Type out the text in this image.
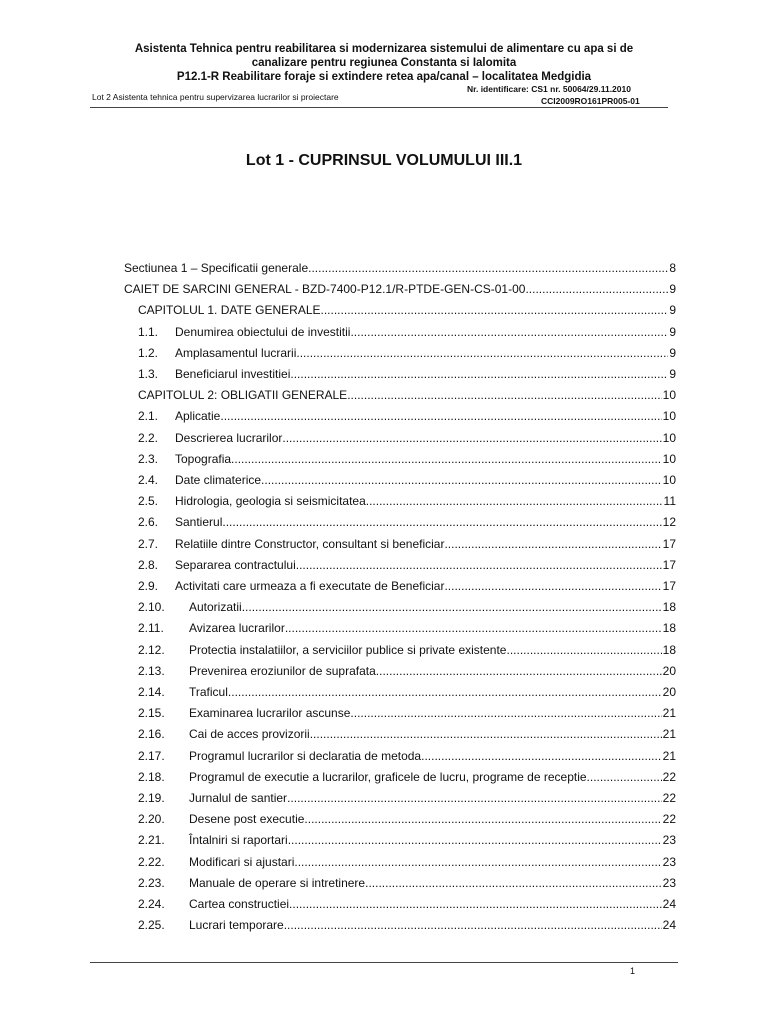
Asistenta Tehnica pentru reabilitarea si modernizarea sistemului de alimentare cu apa si de
canalizare pentru regiunea Constanta si Ialomita
P12.1-R Reabilitare foraje si extindere retea apa/canal – localitatea Medgidia
Nr. identificare: CS1 nr. 50064/29.11.2010
Lot 2 Asistenta tehnica pentru supervizarea lucrarilor si proiectare	CCI2009RO161PR005-01
Lot 1 - CUPRINSUL VOLUMULUI III.1
Sectiunea 1 – Specificatii generale .....	8
CAIET DE SARCINI GENERAL - BZD-7400-P12.1/R-PTDE-GEN-CS-01-00 .....	9
CAPITOLUL 1. DATE GENERALE .....	9
1.1. Denumirea obiectului de investitii .....	9
1.2. Amplasamentul lucrarii .....	9
1.3. Beneficiarul investitiei .....	9
CAPITOLUL 2: OBLIGATII GENERALE .....	10
2.1. Aplicatie .....	10
2.2. Descrierea lucrarilor .....	10
2.3. Topografia .....	10
2.4. Date climaterice .....	10
2.5. Hidrologia, geologia si seismicitatea .....	11
2.6. Santierul .....	12
2.7. Relatiile dintre Constructor, consultant si beneficiar .....	17
2.8. Separarea contractului .....	17
2.9. Activitati care urmeaza a fi executate de Beneficiar .....	17
2.10. Autorizatii .....	18
2.11. Avizarea lucrarilor .....	18
2.12. Protectia instalatiilor, a serviciilor publice si private existente .....	18
2.13. Prevenirea eroziunilor de suprafata .....	20
2.14. Traficul .....	20
2.15. Examinarea lucrarilor ascunse .....	21
2.16. Cai de acces provizorii .....	21
2.17. Programul lucrarilor si declaratia de metoda .....	21
2.18. Programul de executie a lucrarilor, graficele de lucru, programe de receptie .....	22
2.19. Jurnalul de santier .....	22
2.20. Desene post executie .....	22
2.21. Întalniri si raportari .....	23
2.22. Modificari si ajustari .....	23
2.23. Manuale de operare si intretinere .....	23
2.24. Cartea constructiei .....	24
2.25. Lucrari temporare .....	24
1
